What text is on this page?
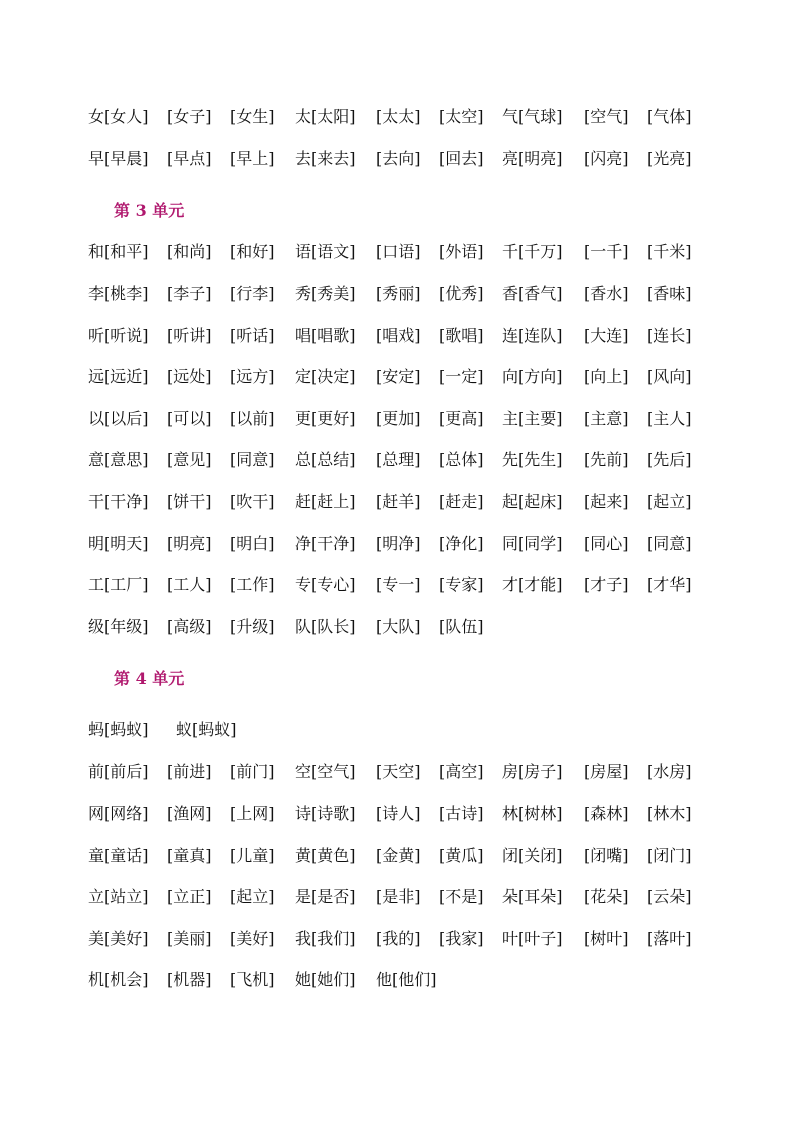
女[女人] [女子] [女生] 太[太阳] [太太] [太空] 气[气球] [空气] [气体]
早[早晨] [早点] [早上] 去[来去] [去向] [回去] 亮[明亮] [闪亮] [光亮]
第 3 单元
和[和平] [和尚] [和好] 语[语文] [口语] [外语] 千[千万] [一千] [千米]
李[桃李] [李子] [行李] 秀[秀美] [秀丽] [优秀] 香[香气] [香水] [香味]
听[听说] [听讲] [听话] 唱[唱歌] [唱戏] [歌唱] 连[连队] [大连] [连长]
远[远近] [远处] [远方] 定[决定] [安定] [一定] 向[方向] [向上] [风向]
以[以后] [可以] [以前] 更[更好] [更加] [更高] 主[主要] [主意] [主人]
意[意思] [意见] [同意] 总[总结] [总理] [总体] 先[先生] [先前] [先后]
干[干净] [饼干] [吹干] 赶[赶上] [赶羊] [赶走] 起[起床] [起来] [起立]
明[明天] [明亮] [明白] 净[干净] [明净] [净化] 同[同学] [同心] [同意]
工[工厂] [工人] [工作] 专[专心] [专一] [专家] 才[才能] [才子] [才华]
级[年级] [高级] [升级] 队[队长] [大队] [队伍]
第 4 单元
蚂[蚂蚁] 蚁[蚂蚁]
前[前后] [前进] [前门] 空[空气] [天空] [高空] 房[房子] [房屋] [水房]
网[网络] [渔网] [上网] 诗[诗歌] [诗人] [古诗] 林[树林] [森林] [林木]
童[童话] [童真] [儿童] 黄[黄色] [金黄] [黄瓜] 闭[关闭] [闭嘴] [闭门]
立[站立] [立正] [起立] 是[是否] [是非] [不是] 朵[耳朵] [花朵] [云朵]
美[美好] [美丽] [美好] 我[我们] [我的] [我家] 叶[叶子] [树叶] [落叶]
机[机会] [机器] [飞机] 她[她们] 他[他们]
